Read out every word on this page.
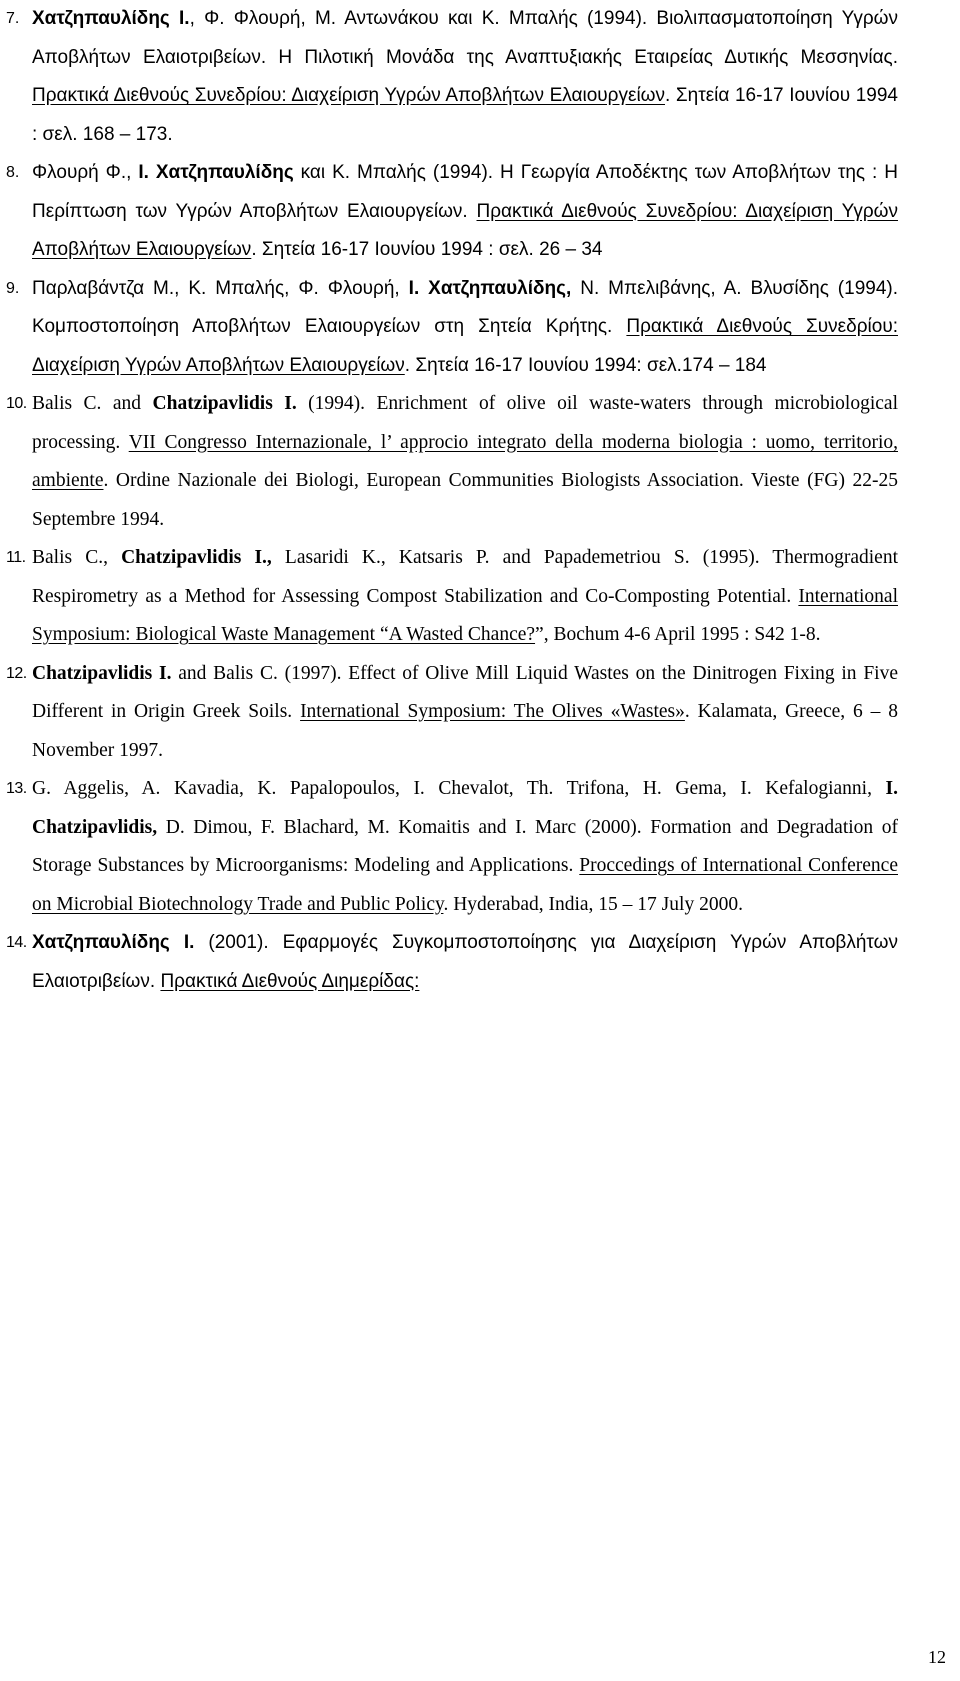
7. Χατζηπαυλίδης Ι., Φ. Φλουρή, Μ. Αντωνάκου και Κ. Μπαλής (1994). Βιολιπασματοποίηση Υγρών Αποβλήτων Ελαιοτριβείων. Η Πιλοτική Μονάδα της Αναπτυξιακής Εταιρείας Δυτικής Μεσσηνίας. Πρακτικά Διεθνούς Συνεδρίου: Διαχείριση Υγρών Αποβλήτων Ελαιουργείων. Σητεία 16-17 Ιουνίου 1994 : σελ. 168 – 173.
8. Φλουρή Φ., Ι. Χατζηπαυλίδης και Κ. Μπαλής (1994). Η Γεωργία Αποδέκτης των Αποβλήτων της : Η Περίπτωση των Υγρών Αποβλήτων Ελαιουργείων. Πρακτικά Διεθνούς Συνεδρίου: Διαχείριση Υγρών Αποβλήτων Ελαιουργείων. Σητεία 16-17 Ιουνίου 1994 : σελ. 26 – 34
9. Παρλαβάντζα Μ., Κ. Μπαλής, Φ. Φλουρή, Ι. Χατζηπαυλίδης, Ν. Μπελιβάνης, Α. Βλυσίδης (1994). Κομποστοποίηση Αποβλήτων Ελαιουργείων στη Σητεία Κρήτης. Πρακτικά Διεθνούς Συνεδρίου: Διαχείριση Υγρών Αποβλήτων Ελαιουργείων. Σητεία 16-17 Ιουνίου 1994: σελ.174 – 184
10. Balis C. and Chatzipavlidis I. (1994). Enrichment of olive oil waste-waters through microbiological processing. VII Congresso Internazionale, l’ approcio integrato della moderna biologia : uomo, territorio, ambiente. Ordine Nazionale dei Biologi, European Communities Biologists Association. Vieste (FG) 22-25 Septembre 1994.
11. Balis C., Chatzipavlidis I., Lasaridi K., Katsaris P. and Papademetriou S. (1995). Thermogradient Respirometry as a Method for Assessing Compost Stabilization and Co-Composting Potential. International Symposium: Biological Waste Management “A Wasted Chance?”, Bochum 4-6 April 1995 : S42 1-8.
12. Chatzipavlidis I. and Balis C. (1997). Effect of Olive Mill Liquid Wastes on the Dinitrogen Fixing in Five Different in Origin Greek Soils. International Symposium: The Olives «Wastes». Kalamata, Greece, 6 – 8 November 1997.
13. G. Aggelis, A. Kavadia, K. Papalopoulos, I. Chevalot, Th. Trifona, H. Gema, I. Kefalogianni, I. Chatzipavlidis, D. Dimou, F. Blachard, M. Komaitis and I. Marc (2000). Formation and Degradation of Storage Substances by Microorganisms: Modeling and Applications. Proccedings of International Conference on Microbial Biotechnology Trade and Public Policy. Hyderabad, India, 15 – 17 July 2000.
14. Χατζηπαυλίδης Ι. (2001). Εφαρμογές Συγκομποστοποίησης για Διαχείριση Υγρών Αποβλήτων Ελαιοτριβείων. Πρακτικά Διεθνούς Διημερίδας:
12
